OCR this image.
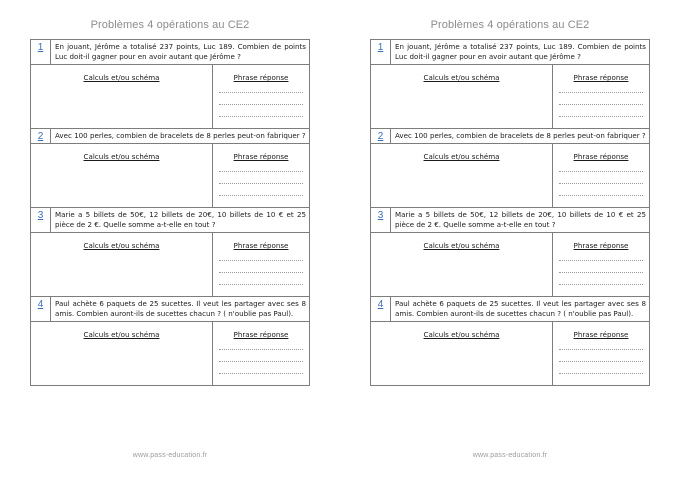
Problèmes 4 opérations au CE2
1	En jouant, Jérôme a totalisé 237 points, Luc 189. Combien de points Luc doit-il gagner pour en avoir autant que Jérôme ?
Calculs et/ou schéma	Phrase réponse
2	Avec 100 perles, combien de bracelets de 8 perles peut-on fabriquer ?
Calculs et/ou schéma	Phrase réponse
3	Marie a 5 billets de 50€, 12 billets de 20€, 10 billets de 10 € et 25 pièce de 2 €. Quelle somme a-t-elle en tout ?
Calculs et/ou schéma	Phrase réponse
4	Paul achète 6 paquets de 25 sucettes. Il veut les partager avec ses 8 amis. Combien auront-ils de sucettes chacun ? ( n'oublie pas Paul).
Calculs et/ou schéma	Phrase réponse
www.pass-education.fr
Problèmes 4 opérations au CE2
1	En jouant, Jérôme a totalisé 237 points, Luc 189. Combien de points Luc doit-il gagner pour en avoir autant que Jérôme ?
Calculs et/ou schéma	Phrase réponse
2	Avec 100 perles, combien de bracelets de 8 perles peut-on fabriquer ?
Calculs et/ou schéma	Phrase réponse
3	Marie a 5 billets de 50€, 12 billets de 20€, 10 billets de 10 € et 25 pièce de 2 €. Quelle somme a-t-elle en tout ?
Calculs et/ou schéma	Phrase réponse
4	Paul achète 6 paquets de 25 sucettes. Il veut les partager avec ses 8 amis. Combien auront-ils de sucettes chacun ? ( n'oublie pas Paul).
Calculs et/ou schéma	Phrase réponse
www.pass-education.fr
